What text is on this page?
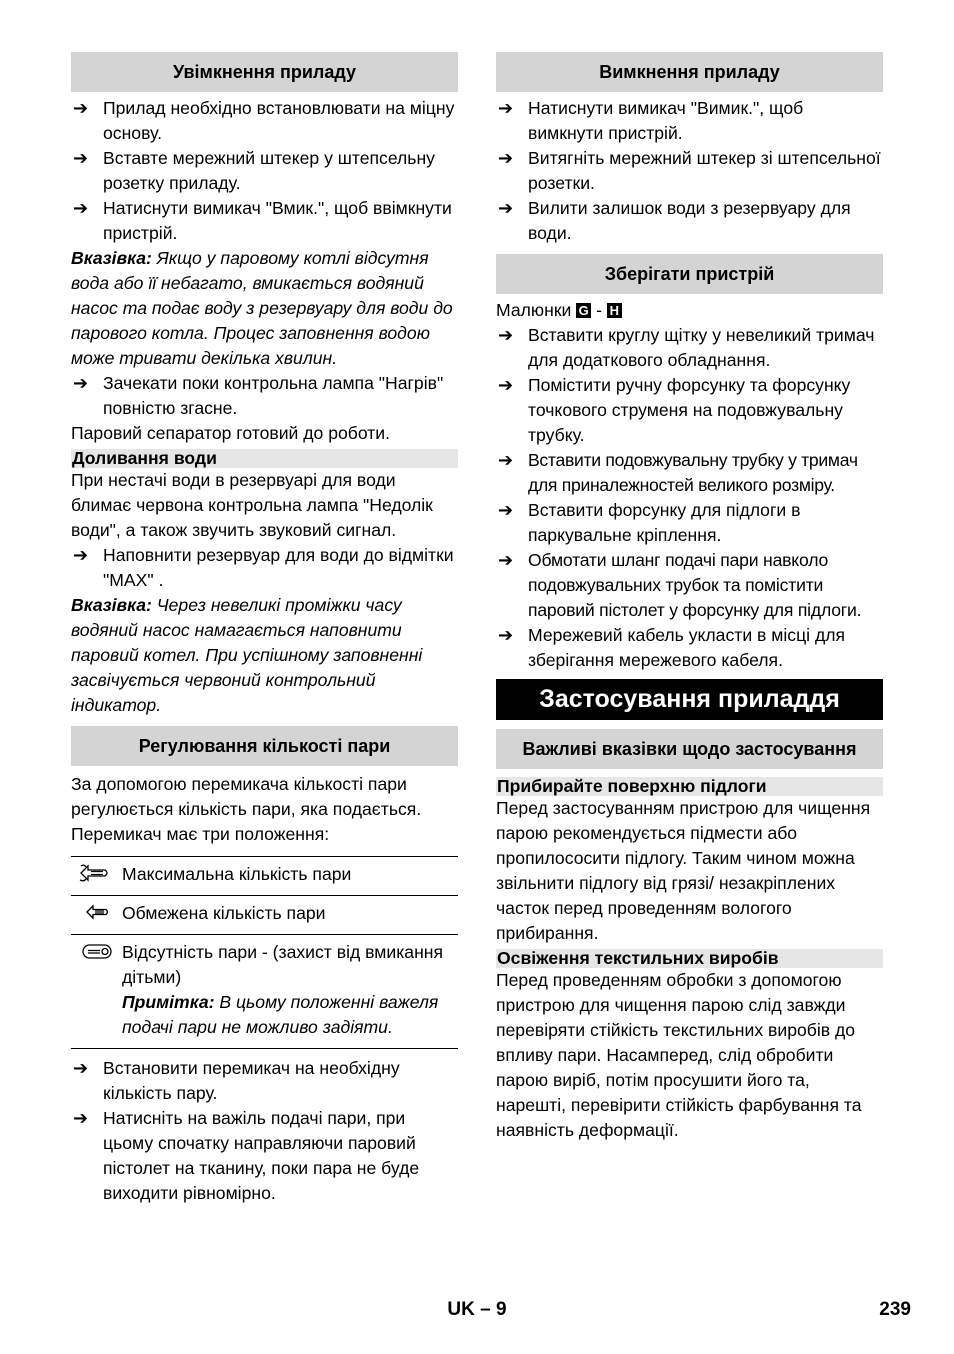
Увімкнення приладу
➔ Прилад необхідно встановлювати на міцну основу.
➔ Вставте мережний штекер у штепсельну розетку приладу.
➔ Натиснути вимикач "Вмик.", щоб ввімкнути пристрій.

Вказівка: Якщо у паровому котлі відсутня вода або її небагато, вмикається водяний насос та подає воду з резервуару для води до парового котла. Процес заповнення водою може тривати декілька хвилин.

➔ Зачекати поки контрольна лампа "Нагрів" повністю згасне.

Паровий сепаратор готовий до роботи.

Доливання води

При нестачі води в резервуарі для води блимає червона контрольна лампа "Недолік води", а також звучить звуковий сигнал.

➔ Наповнити резервуар для води до відмітки "MAX" .

Вказівка: Через невеликі проміжки часу водяний насос намагається наповнити паровий котел. При успішному заповненні засвічується червоний контрольний індикатор.

Регулювання кількості пари

За допомогою перемикача кількості пари регулюється кількість пари, яка подається. Перемикач має три положення:

	Максимальна кількість пари
	Обмежена кількість пари

Відсутність пари - (захист від вмикання дітьми)
Примітка: В цьому положенні важеля подачі пари не можливо задіяти.
➔ Встановити перемикач на необхідну кількість пару.
➔ Натисніть на важіль подачі пари, при цьому спочатку направляючи паровий пістолет на тканину, поки пара не буде виходити рівномірно.
Вимкнення приладу
➔ Натиснути вимикач "Вимик.", щоб вимкнути пристрій.
➔ Витягніть мережний штекер зі штепсельної розетки.
➔ Вилити залишок води з резервуару для води.
Зберігати пристрій

Малюнки G - H

➔ Вставити круглу щітку у невеликий тримач для додаткового обладнання.
➔ Помістити ручну форсунку та форсунку точкового струменя на подовжувальну трубку.
➔ Вставити подовжувальну трубку у тримач для приналежностей великого розміру.
➔ Вставити форсунку для підлоги в паркувальне кріплення.
➔ Обмотати шланг подачі пари навколо подовжувальних трубок та помістити паровий пістолет у форсунку для підлоги.
➔ Мережевий кабель укласти в місці для зберігання мережевого кабеля.
Застосування приладдя
Важливі вказівки щодо застосування
Прибирайте поверхню підлоги

Перед застосуванням пристрою для чищення парою рекомендується підмести або пропилососити підлогу. Таким чином можна звільнити підлогу від грязі/ незакріплених часток перед проведенням вологого прибирання.

Освіження текстильних виробів

Перед проведенням обробки з допомогою пристрою для чищення парою слід завжди перевіряти стійкість текстильних виробів до впливу пари. Насамперед, слід обробити парою виріб, потім просушити його та, нарешті, перевірити стійкість фарбування та наявність деформації.

UK – 9	239
